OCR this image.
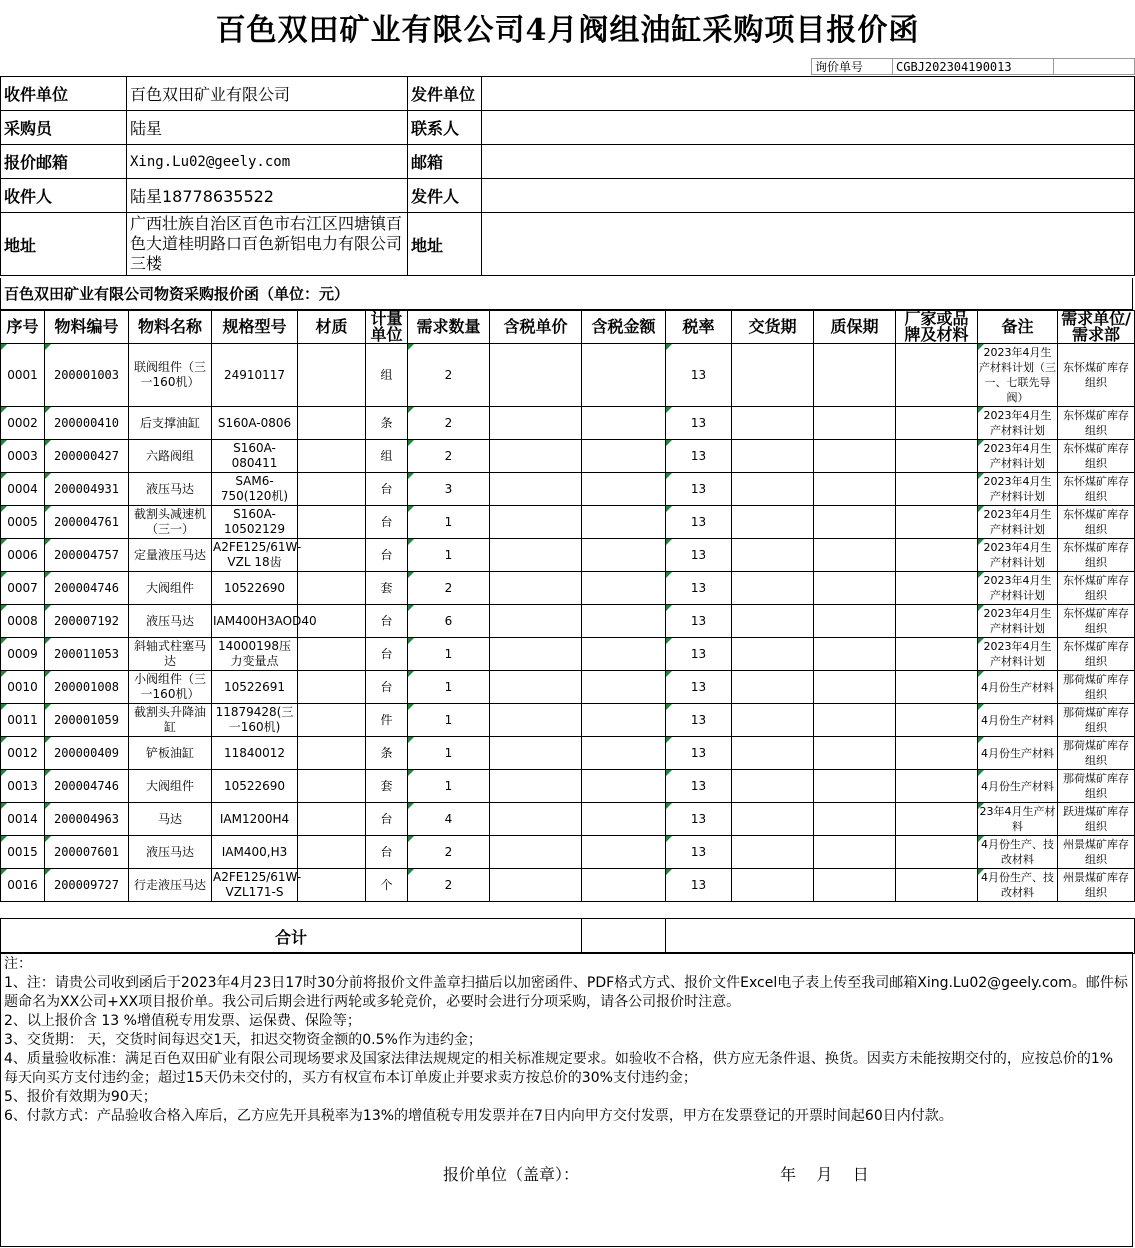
百色双田矿业有限公司4月阀组油缸采购项目报价函
询价单号	CGBJ202304190013
收件单位	百色双田矿业有限公司	发件单位	
采购员	陆星	联系人	
报价邮箱	Xing.Lu02@geely.com	邮箱	
收件人	陆星18778635522	发件人	
地址	广西壮族自治区百色市右江区四塘镇百色大道桂明路口百色新铝电力有限公司三楼	地址	
百色双田矿业有限公司物资采购报价函（单位：元）
序号	物料编号	物料名称	规格型号	材质	计量单位	需求数量	含税单价	含税金额	税率	交货期	质保期	厂家或品牌及材料	备注	需求单位/需求部
0001	200001003	联阀组件（三一160机）	24910117		组	2			13				2023年4月生产材料计划（三一、七联先导阀）	东怀煤矿库存组织
0002	200000410	后支撑油缸	S160A-0806		条	2			13				2023年4月生产材料计划	东怀煤矿库存组织
0003	200000427	六路阀组	S160A-080411		组	2			13				2023年4月生产材料计划	东怀煤矿库存组织
0004	200004931	液压马达	SAM6-750(120机)		台	3			13				2023年4月生产材料计划	东怀煤矿库存组织
0005	200004761	截割头减速机（三一）	S160A-10502129		台	1			13				2023年4月生产材料计划	东怀煤矿库存组织
0006	200004757	定量液压马达	A2FE125/61W-VZL 18齿		台	1			13				2023年4月生产材料计划	东怀煤矿库存组织
0007	200004746	大阀组件	10522690		套	2			13				2023年4月生产材料计划	东怀煤矿库存组织
0008	200007192	液压马达	IAM400H3AOD40		台	6			13				2023年4月生产材料计划	东怀煤矿库存组织
0009	200011053	斜轴式柱塞马达	14000198压力变量点		台	1			13				2023年4月生产材料计划	东怀煤矿库存组织
0010	200001008	小阀组件（三一160机）	10522691		台	1			13				4月份生产材料	那荷煤矿库存组织
0011	200001059	截割头升降油缸	11879428(三一160机)		件	1			13				4月份生产材料	那荷煤矿库存组织
0012	200000409	铲板油缸	11840012		条	1			13				4月份生产材料	那荷煤矿库存组织
0013	200004746	大阀组件	10522690		套	1			13				4月份生产材料	那荷煤矿库存组织
0014	200004963	马达	IAM1200H4		台	4			13				23年4月生产材料	跃进煤矿库存组织
0015	200007601	液压马达	IAM400,H3		台	2			13				4月份生产、技改材料	州景煤矿库存组织
0016	200009727	行走液压马达	A2FE125/61W-VZL171-S		个	2			13				4月份生产、技改材料	州景煤矿库存组织
合计		

注：

1、注：请贵公司收到函后于2023年4月23日17时30分前将报价文件盖章扫描后以加密函件、PDF格式方式、报价文件Excel电子表上传至我司邮箱Xing.Lu02@geely.com。邮件标题命名为XX公司+XX项目报价单。我公司后期会进行两轮或多轮竞价，必要时会进行分项采购，请各公司报价时注意。

2、以上报价含 13 %增值税专用发票、运保费、保险等；

3、交货期： 天，交货时间每迟交1天，扣迟交物资金额的0.5%作为违约金；

4、质量验收标准：满足百色双田矿业有限公司现场要求及国家法律法规规定的相关标准规定要求。如验收不合格，供方应无条件退、换货。因卖方未能按期交付的，应按总价的1% 每天向买方支付违约金；超过15天仍未交付的，买方有权宣布本订单废止并要求卖方按总价的30%支付违约金；

5、报价有效期为90天；

6、付款方式：产品验收合格入库后，乙方应先开具税率为13%的增值税专用发票并在7日内向甲方交付发票，甲方在发票登记的开票时间起60日内付款。

报价单位（盖章）：	年    月    日
